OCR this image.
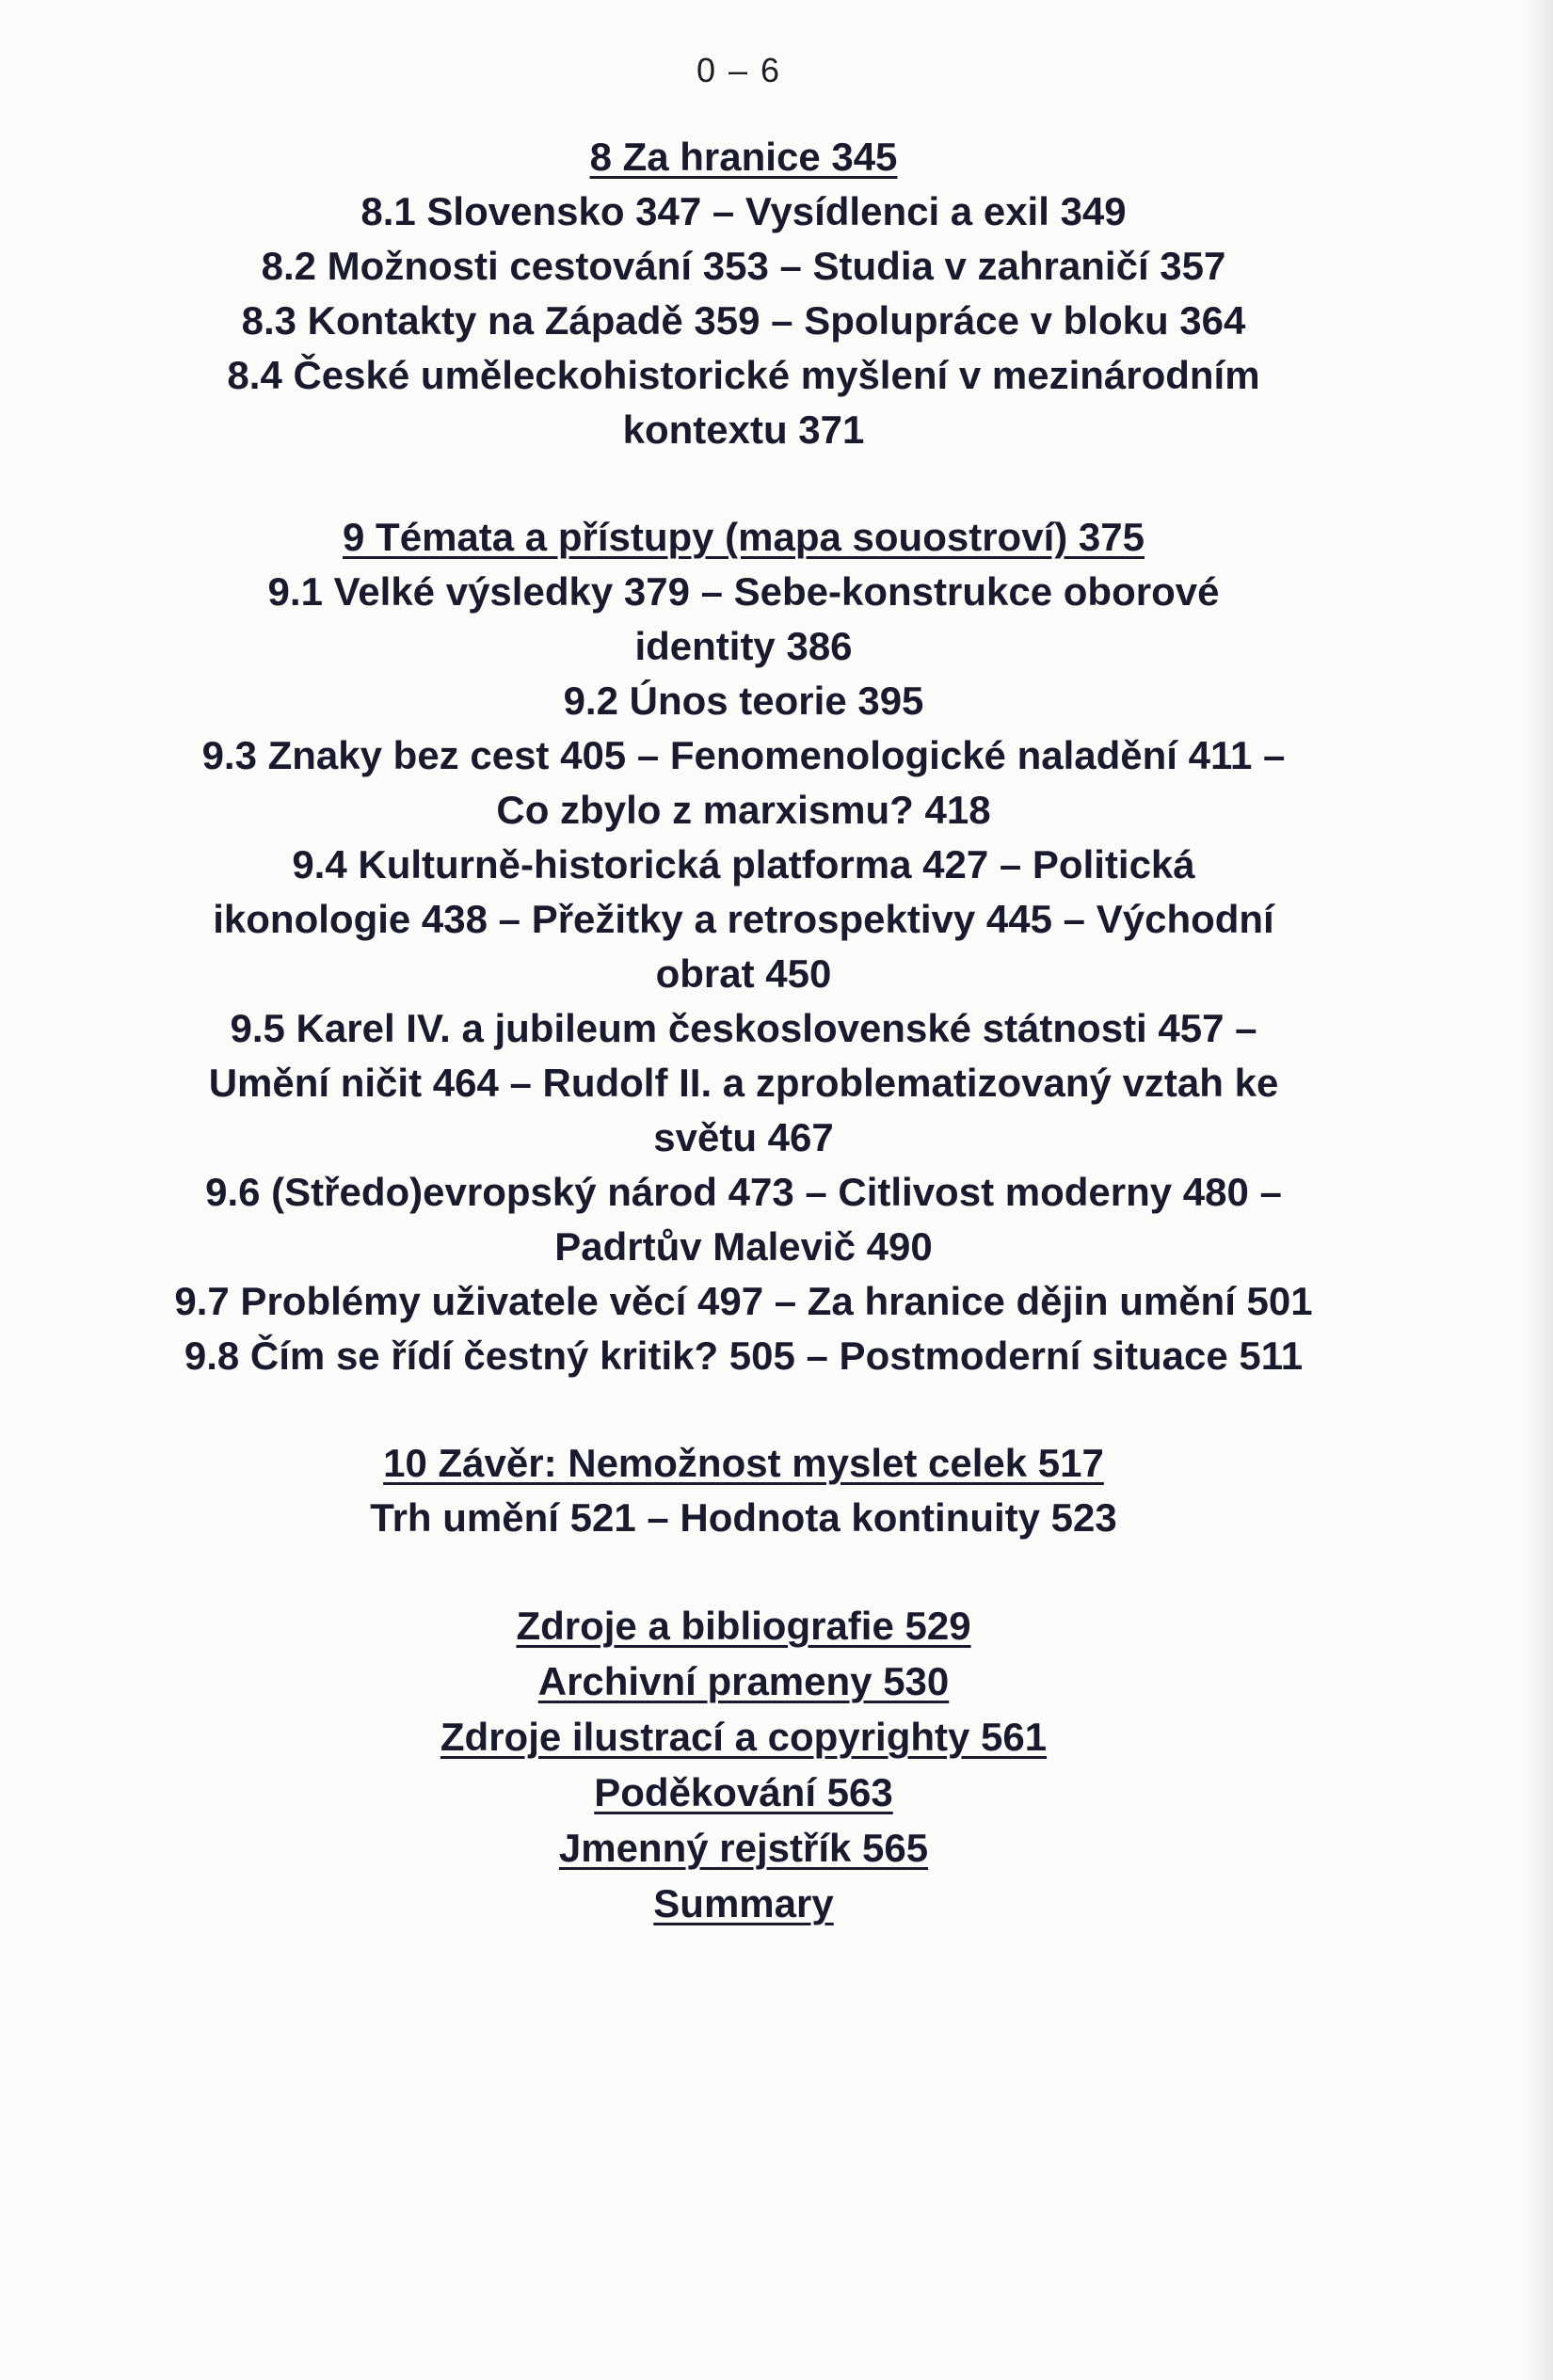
0 – 6
8 Za hranice 345
8.1 Slovensko 347 – Vysídlenci a exil 349
8.2 Možnosti cestování 353 – Studia v zahraničí 357
8.3 Kontakty na Západě 359 – Spolupráce v bloku 364
8.4 České uměleckohistorické myšlení v mezinárodním
kontextu 371
9 Témata a přístupy (mapa souostroví) 375
9.1 Velké výsledky 379 – Sebe-konstrukce oborové
identity 386
9.2 Únos teorie 395
9.3 Znaky bez cest 405 – Fenomenologické naladění 411 –
Co zbylo z marxismu? 418
9.4 Kulturně-historická platforma 427 – Politická
ikonologie 438 – Přežitky a retrospektivy 445 – Východní
obrat 450
9.5 Karel IV. a jubileum československé státnosti 457 –
Umění ničit 464 – Rudolf II. a zproblematizovaný vztah ke
světu 467
9.6 (Středo)evropský národ 473 – Citlivost moderny 480 –
Padrtův Malevič 490
9.7 Problémy uživatele věcí 497 – Za hranice dějin umění 501
9.8 Čím se řídí čestný kritik? 505 – Postmoderní situace 511
10 Závěr: Nemožnost myslet celek 517
Trh umění 521 – Hodnota kontinuity 523
Zdroje a bibliografie 529
Archivní prameny 530
Zdroje ilustrací a copyrighty 561
Poděkování 563
Jmenný rejstřík 565
Summary
